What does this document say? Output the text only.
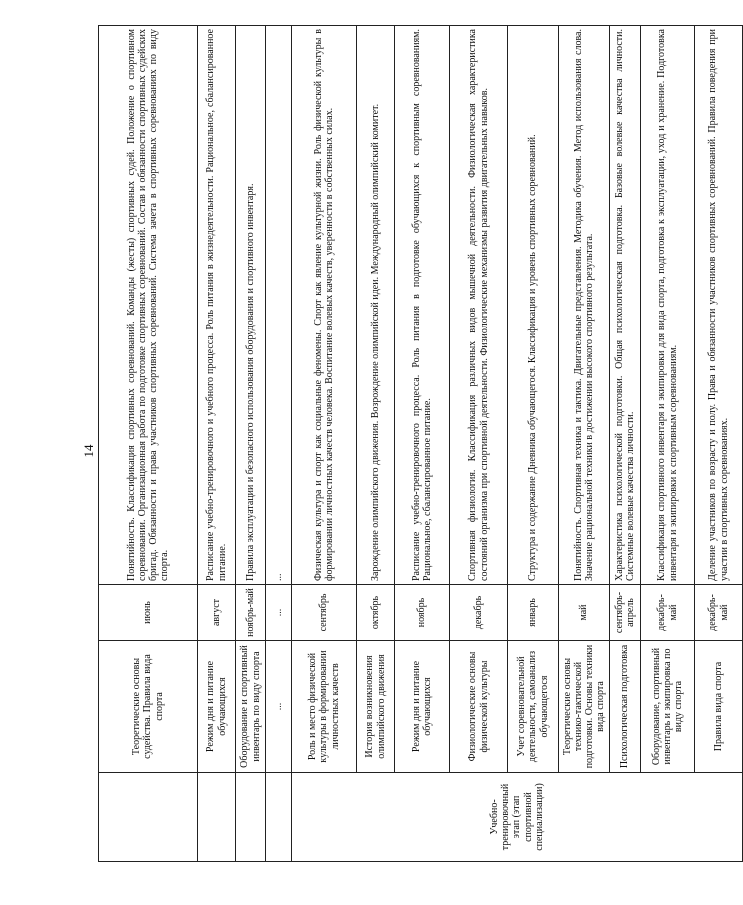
14
	Теоретические основы судейства. Правила вида спорта	июнь	Понятийность. Классификация спортивных соревнований. Команды (жесты) спортивных судей. Положение о спортивном соревновании. Организационная работа по подготовке спортивных соревнований. Состав и обязанности спортивных судейских бригад. Обязанности и права участников спортивных соревнований. Система зачета в спортивных соревнованиях по виду спорта.
	Режим дня и питание обучающихся	август	Расписание учебно-тренировочного и учебного процесса. Роль питания в жизнедеятельности. Рациональное, сбалансированное питание.
	Оборудование и спортивный инвентарь по виду спорта	ноябрь-май	Правила эксплуатации и безопасного использования оборудования и спортивного инвентаря.
	...	...	...
Учебно-тренировочный этап (этап спортивной специализации)	Роль и место физической культуры в формировании личностных качеств	сентябрь	Физическая культура и спорт как социальные феномены. Спорт как явление культурной жизни. Роль физической культуры в формировании личностных качеств человека. Воспитание волевых качеств, уверенности в собственных силах.
	История возникновения олимпийского движения	октябрь	Зарождение олимпийского движения. Возрождение олимпийской идеи. Международный олимпийский комитет.
	Режим дня и питание обучающихся	ноябрь	Расписание учебно-тренировочного процесса. Роль питания в подготовке обучающихся к спортивным соревнованиям. Рациональное, сбалансированное питание.
	Физиологические основы физической культуры	декабрь	Спортивная физиология. Классификация различных видов мышечной деятельности. Физиологическая характеристика состояний организма при спортивной деятельности. Физиологические механизмы развития двигательных навыков.
	Учет соревновательной деятельности, самоанализ обучающегося	январь	Структура и содержание Дневника обучающегося. Классификация и уровень спортивных соревнований.
	Теоретические основы технико-тактической подготовки. Основы техники вида спорта	май	Понятийность. Спортивная техника и тактика. Двигательные представления. Методика обучения. Метод использования слова. Значение рациональной техники в достижении высокого спортивного результата.
	Психологическая подготовка	сентябрь-апрель	Характеристика психологической подготовки. Общая психологическая подготовка. Базовые волевые качества личности. Системные волевые качества личности.
	Оборудование, спортивный инвентарь и экипировка по виду спорта	декабрь-май	Классификация спортивного инвентаря и экипировки для вида спорта, подготовка к эксплуатации, уход и хранение. Подготовка инвентаря и экипировки к спортивным соревнованиям.
	Правила вида спорта	декабрь-май	Деление участников по возрасту и полу. Права и обязанности участников спортивных соревнований. Правила поведения при участии в спортивных соревнованиях.
